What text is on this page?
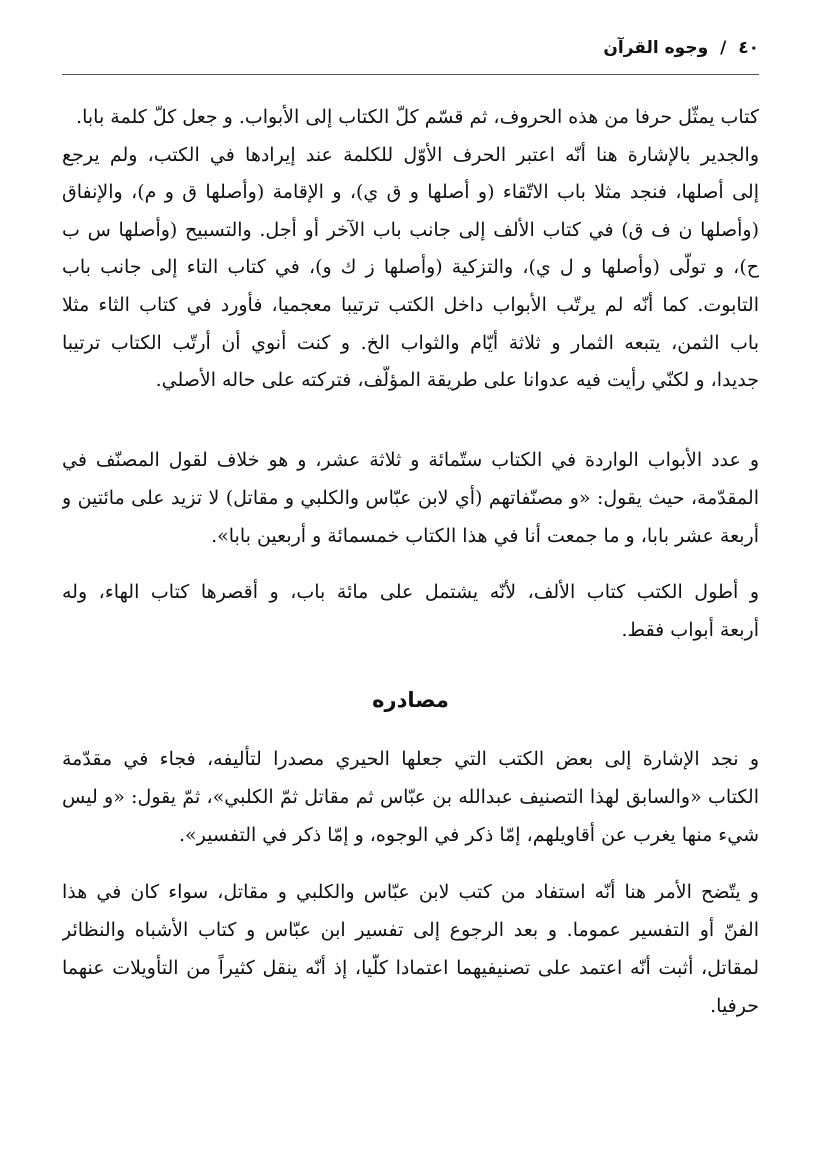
٤٠ / وجوه القرآن
كتاب يمثّل حرفا من هذه الحروف، ثم قسّم كلّ الكتاب إلى الأبواب. و جعل كلّ كلمة بابا.
والجدير بالإشارة هنا أنّه اعتبر الحرف الأوّل للكلمة عند إيرادها في الكتب، ولم يرجع
إلى أصلها، فنجد مثلا باب الاتّقاء (و أصلها و ق ي)، و الإقامة (وأصلها ق و م)، والإنفاق
(وأصلها ن ف ق) في كتاب الألف إلى جانب باب الآخر أو أجل. والتسبيح (وأصلها س ب
ح)، و تولّى (وأصلها و ل ي)، والتزكية (وأصلها ز ك و)، في كتاب التاء إلى جانب باب
التابوت. كما أنّه لم يرتّب الأبواب داخل الكتب ترتيبا معجميا، فأورد في كتاب الثاء مثلا
باب الثمن، يتبعه الثمار و ثلاثة أيّام والثواب الخ. و كنت أنوي أن أرتّب الكتاب ترتيبا
جديدا، و لكنّي رأيت فيه عدوانا على طريقة المؤلّف، فتركته على حاله الأصلي.
و عدد الأبواب الواردة في الكتاب ستّمائة و ثلاثة عشر، و هو خلاف لقول المصنّف في
المقدّمة، حيث يقول: «و مصنّفاتهم (أي لابن عبّاس والكلبي و مقاتل) لا تزيد على مائتين و
أربعة عشر بابا، و ما جمعت أنا في هذا الكتاب خمسمائة و أربعين بابا».
و أطول الكتب كتاب الألف، لأنّه يشتمل على مائة باب، و أقصرها كتاب الهاء، وله
أربعة أبواب فقط.
مصادره
و نجد الإشارة إلى بعض الكتب التي جعلها الحيري مصدرا لتأليفه، فجاء في مقدّمة
الكتاب «والسابق لهذا التصنيف عبدالله بن عبّاس ثم مقاتل ثمّ الكلبي»، ثمّ يقول: «و ليس
شيء منها يغرب عن أقاويلهم، إمّا ذكر في الوجوه، و إمّا ذكر في التفسير».
و يتّضح الأمر هنا أنّه استفاد من كتب لابن عبّاس والكلبي و مقاتل، سواء كان في هذا
الفنّ أو التفسير عموما. و بعد الرجوع إلى تفسير ابن عبّاس و كتاب الأشباه والنظائر
لمقاتل، أثبت أنّه اعتمد على تصنيفيهما اعتمادا كلّيا، إذ أنّه ينقل كثيراً من التأويلات عنهما
حرفيا.
